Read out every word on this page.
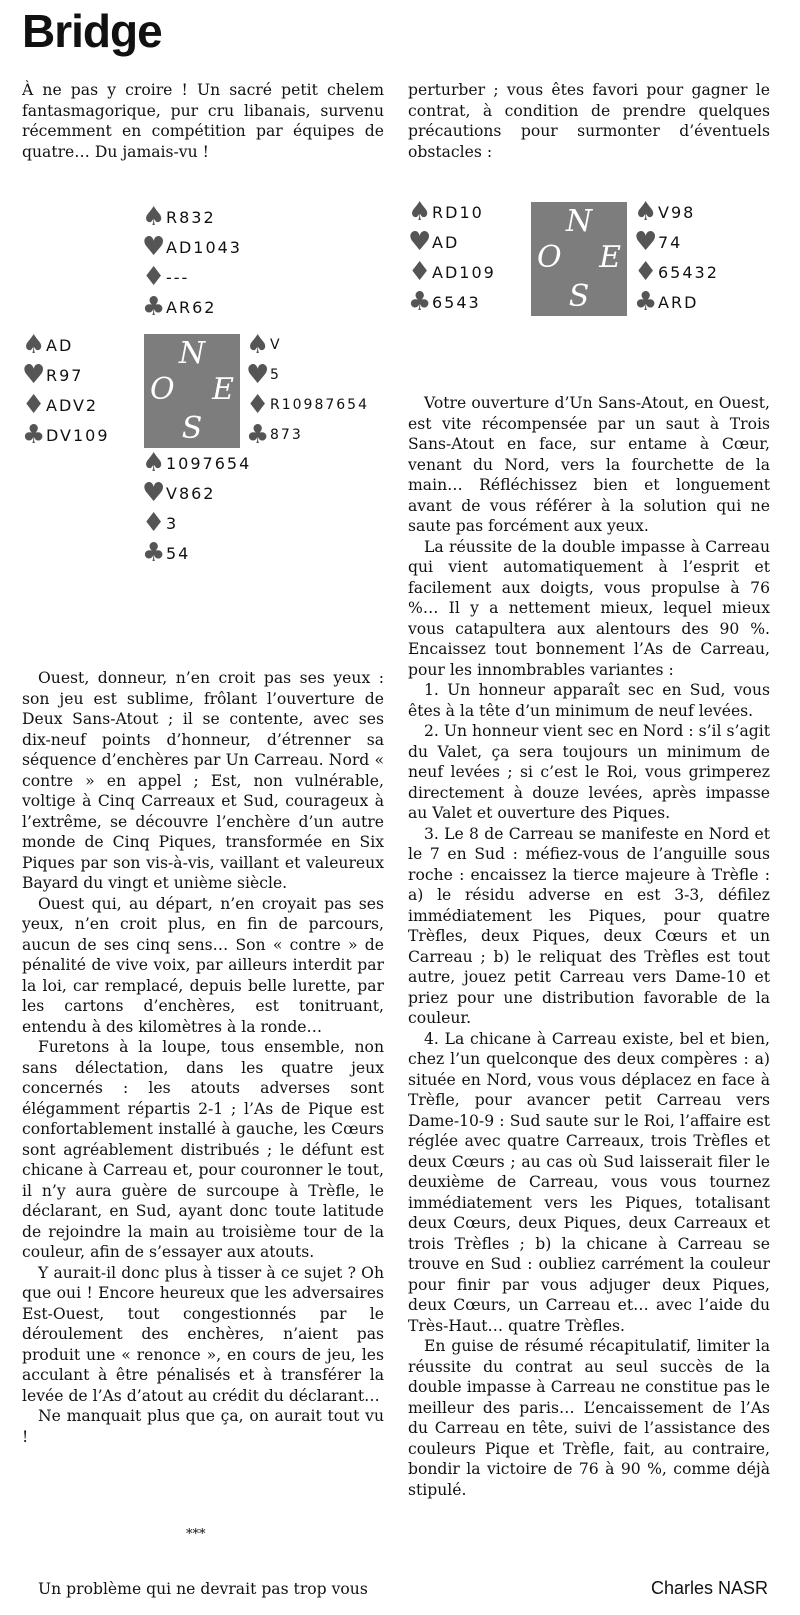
Bridge

À ne pas y croire ! Un sacré petit chelem fantasmagorique, pur cru libanais, survenu récemment en compétition par équipes de quatre… Du jamais-vu !

perturber ; vous êtes favori pour gagner le contrat, à condition de prendre quelques précautions pour surmonter d’éventuels obstacles :

♠ R832
♥ AD1043
♦ ---
♣ AR62
♠ AD
♥ R97
♦ ADV2
♣ DV109
N
O E
S
♠ V
♥ 5
♦ R10987654
♣ 873
♠ 1097654
♥ V862
♦ 3
♣ 54
♠ RD10
♥ AD
♦ AD109
♣ 6543
N
O E
S
♠ V98
♥ 74
♦ 65432
♣ ARD

Ouest, donneur, n’en croit pas ses yeux : son jeu est sublime, frôlant l’ouverture de Deux Sans-Atout ; il se contente, avec ses dix-neuf points d’honneur, d’étrenner sa séquence d’enchères par Un Carreau. Nord « contre » en appel ; Est, non vulnérable, voltige à Cinq Carreaux et Sud, courageux à l’extrême, se découvre l’enchère d’un autre monde de Cinq Piques, transformée en Six Piques par son vis-à-vis, vaillant et valeureux Bayard du vingt et unième siècle.

Ouest qui, au départ, n’en croyait pas ses yeux, n’en croit plus, en fin de parcours, aucun de ses cinq sens… Son « contre » de pénalité de vive voix, par ailleurs interdit par la loi, car remplacé, depuis belle lurette, par les cartons d’enchères, est tonitruant, entendu à des kilomètres à la ronde…

Furetons à la loupe, tous ensemble, non sans délectation, dans les quatre jeux concernés : les atouts adverses sont élégamment répartis 2-1 ; l’As de Pique est confortablement installé à gauche, les Cœurs sont agréablement distribués ; le défunt est chicane à Carreau et, pour couronner le tout, il n’y aura guère de surcoupe à Trèfle, le déclarant, en Sud, ayant donc toute latitude de rejoindre la main au troisième tour de la couleur, afin de s’essayer aux atouts.

Y aurait-il donc plus à tisser à ce sujet ? Oh que oui ! Encore heureux que les adversaires Est-Ouest, tout congestionnés par le déroulement des enchères, n’aient pas produit une « renonce », en cours de jeu, les acculant à être pénalisés et à transférer la levée de l’As d’atout au crédit du déclarant…

Ne manquait plus que ça, on aurait tout vu !

***
Un problème qui ne devrait pas trop vous

Votre ouverture d’Un Sans-Atout, en Ouest, est vite récompensée par un saut à Trois Sans-Atout en face, sur entame à Cœur, venant du Nord, vers la fourchette de la main… Réfléchissez bien et longuement avant de vous référer à la solution qui ne saute pas forcément aux yeux.

La réussite de la double impasse à Carreau qui vient automatiquement à l’esprit et facilement aux doigts, vous propulse à 76 %… Il y a nettement mieux, lequel mieux vous catapultera aux alentours des 90 %. Encaissez tout bonnement l’As de Carreau, pour les innombrables variantes :

1. Un honneur apparaît sec en Sud, vous êtes à la tête d’un minimum de neuf levées.

2. Un honneur vient sec en Nord : s’il s’agit du Valet, ça sera toujours un minimum de neuf levées ; si c’est le Roi, vous grimperez directement à douze levées, après impasse au Valet et ouverture des Piques.

3. Le 8 de Carreau se manifeste en Nord et le 7 en Sud : méfiez-vous de l’anguille sous roche : encaissez la tierce majeure à Trèfle : a) le résidu adverse en est 3-3, défilez immédiatement les Piques, pour quatre Trèfles, deux Piques, deux Cœurs et un Carreau ; b) le reliquat des Trèfles est tout autre, jouez petit Carreau vers Dame-10 et priez pour une distribution favorable de la couleur.

4. La chicane à Carreau existe, bel et bien, chez l’un quelconque des deux compères : a) située en Nord, vous vous déplacez en face à Trèfle, pour avancer petit Carreau vers Dame-10-9 : Sud saute sur le Roi, l’affaire est réglée avec quatre Carreaux, trois Trèfles et deux Cœurs ; au cas où Sud laisserait filer le deuxième de Carreau, vous vous tournez immédiatement vers les Piques, totalisant deux Cœurs, deux Piques, deux Carreaux et trois Trèfles ; b) la chicane à Carreau se trouve en Sud : oubliez carrément la couleur pour finir par vous adjuger deux Piques, deux Cœurs, un Carreau et… avec l’aide du Très-Haut… quatre Trèfles.

En guise de résumé récapitulatif, limiter la réussite du contrat au seul succès de la double impasse à Carreau ne constitue pas le meilleur des paris… L’encaissement de l’As du Carreau en tête, suivi de l’assistance des couleurs Pique et Trèfle, fait, au contraire, bondir la victoire de 76 à 90 %, comme déjà stipulé.

Charles NASR
